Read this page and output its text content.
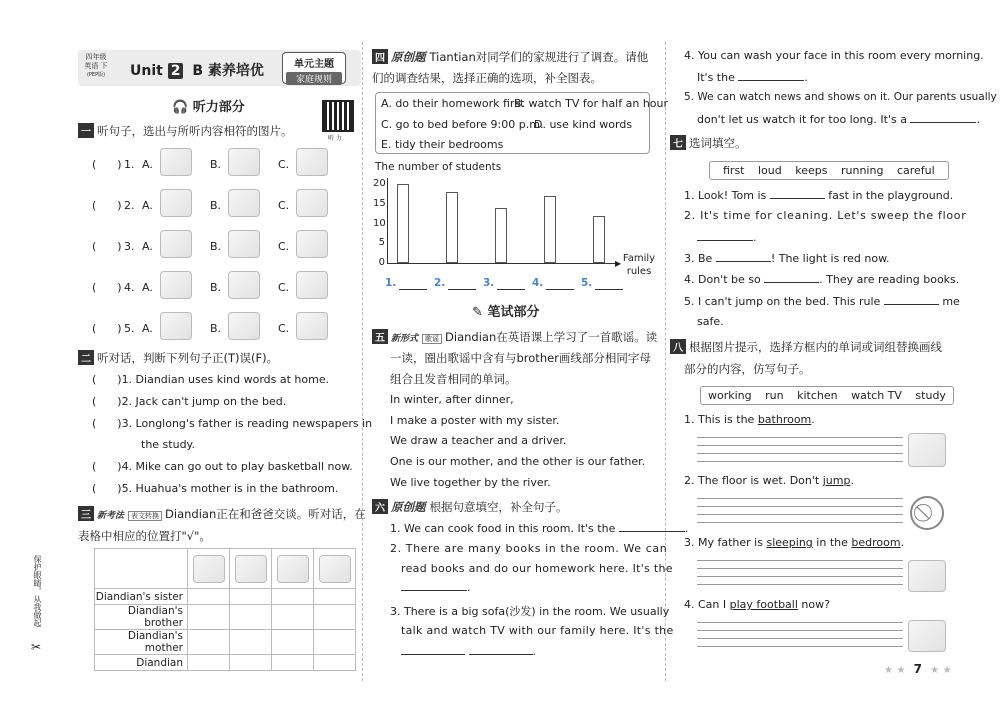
四年级
英语 下
(PEP版)	Unit 2 B 素养培优	单元主题
家庭规则
🎧 听力部分
听 力
一 听句子，选出与所听内容相符的图片。
(      ) 1. A.	B.	C.
(      ) 2. A.	B.	C.
(      ) 3. A.	B.	C.
(      ) 4. A.	B.	C.
(      ) 5. A.	B.	C.
二 听对话，判断下列句子正(T)误(F)。
(      )1. Diandian uses kind words at home.
(      )2. Jack can't jump on the bed.
(      )3. Longlong's father is reading newspapers in
the study.
(      )4. Mike can go out to play basketball now.
(      )5. Huahua's mother is in the bathroom.
三 新考法 表文转换 Diandian正在和爸爸交谈。听对话，在
表格中相应的位置打"√"。

Diandian's sister				
Diandian's brother				
Diandian's mother				
Diandian				
保护眼睛，从我做起
✂
四 原创题 Tiantian对同学们的家规进行了调查。请他
们的调查结果，选择正确的选项，补全图表。
A. do their homework first
B. watch TV for half an hour
C. go to bed before 9:00 p.m.
D. use kind words
E. tidy their bedrooms
The number of students
▶ Family rules
0
5
10
15
20
1.	2.	3.	4.	5.
✎ 笔试部分
五 新形式 歌谣 Diandian在英语课上学习了一首歌谣。读
一读，圈出歌谣中含有与brother画线部分相同字母
组合且发音相同的单词。
In winter, after dinner,
I make a poster with my sister.
We draw a teacher and a driver.
One is our mother, and the other is our father.
We live together by the river.
六 原创题 根据句意填空，补全句子。
1. We can cook food in this room. It's the	.
2. There are many books in the room. We can
read books and do our homework here. It's the
.
3. There is a big sofa(沙发) in the room. We usually
talk and watch TV with our family here. It's the
.
4. You can wash your face in this room every morning.
It's the	.
5. We can watch news and shows on it. Our parents usually
don't let us watch it for too long. It's a	.
七 选词填空。
first loud keeps running careful
1. Look! Tom is	fast in the playground.
2. It's time for cleaning. Let's sweep the floor
.
3. Be	! The light is red now.
4. Don't be so	. They are reading books.
5. I can't jump on the bed. This rule	me
safe.
八 根据图片提示，选择方框内的单词或词组替换画线
部分的内容，仿写句子。
working run kitchen watch TV study
1. This is the bathroom.
2. The floor is wet. Don't jump.
3. My father is sleeping in the bedroom.
4. Can I play football now?
★ ★ 7 ★ ★
